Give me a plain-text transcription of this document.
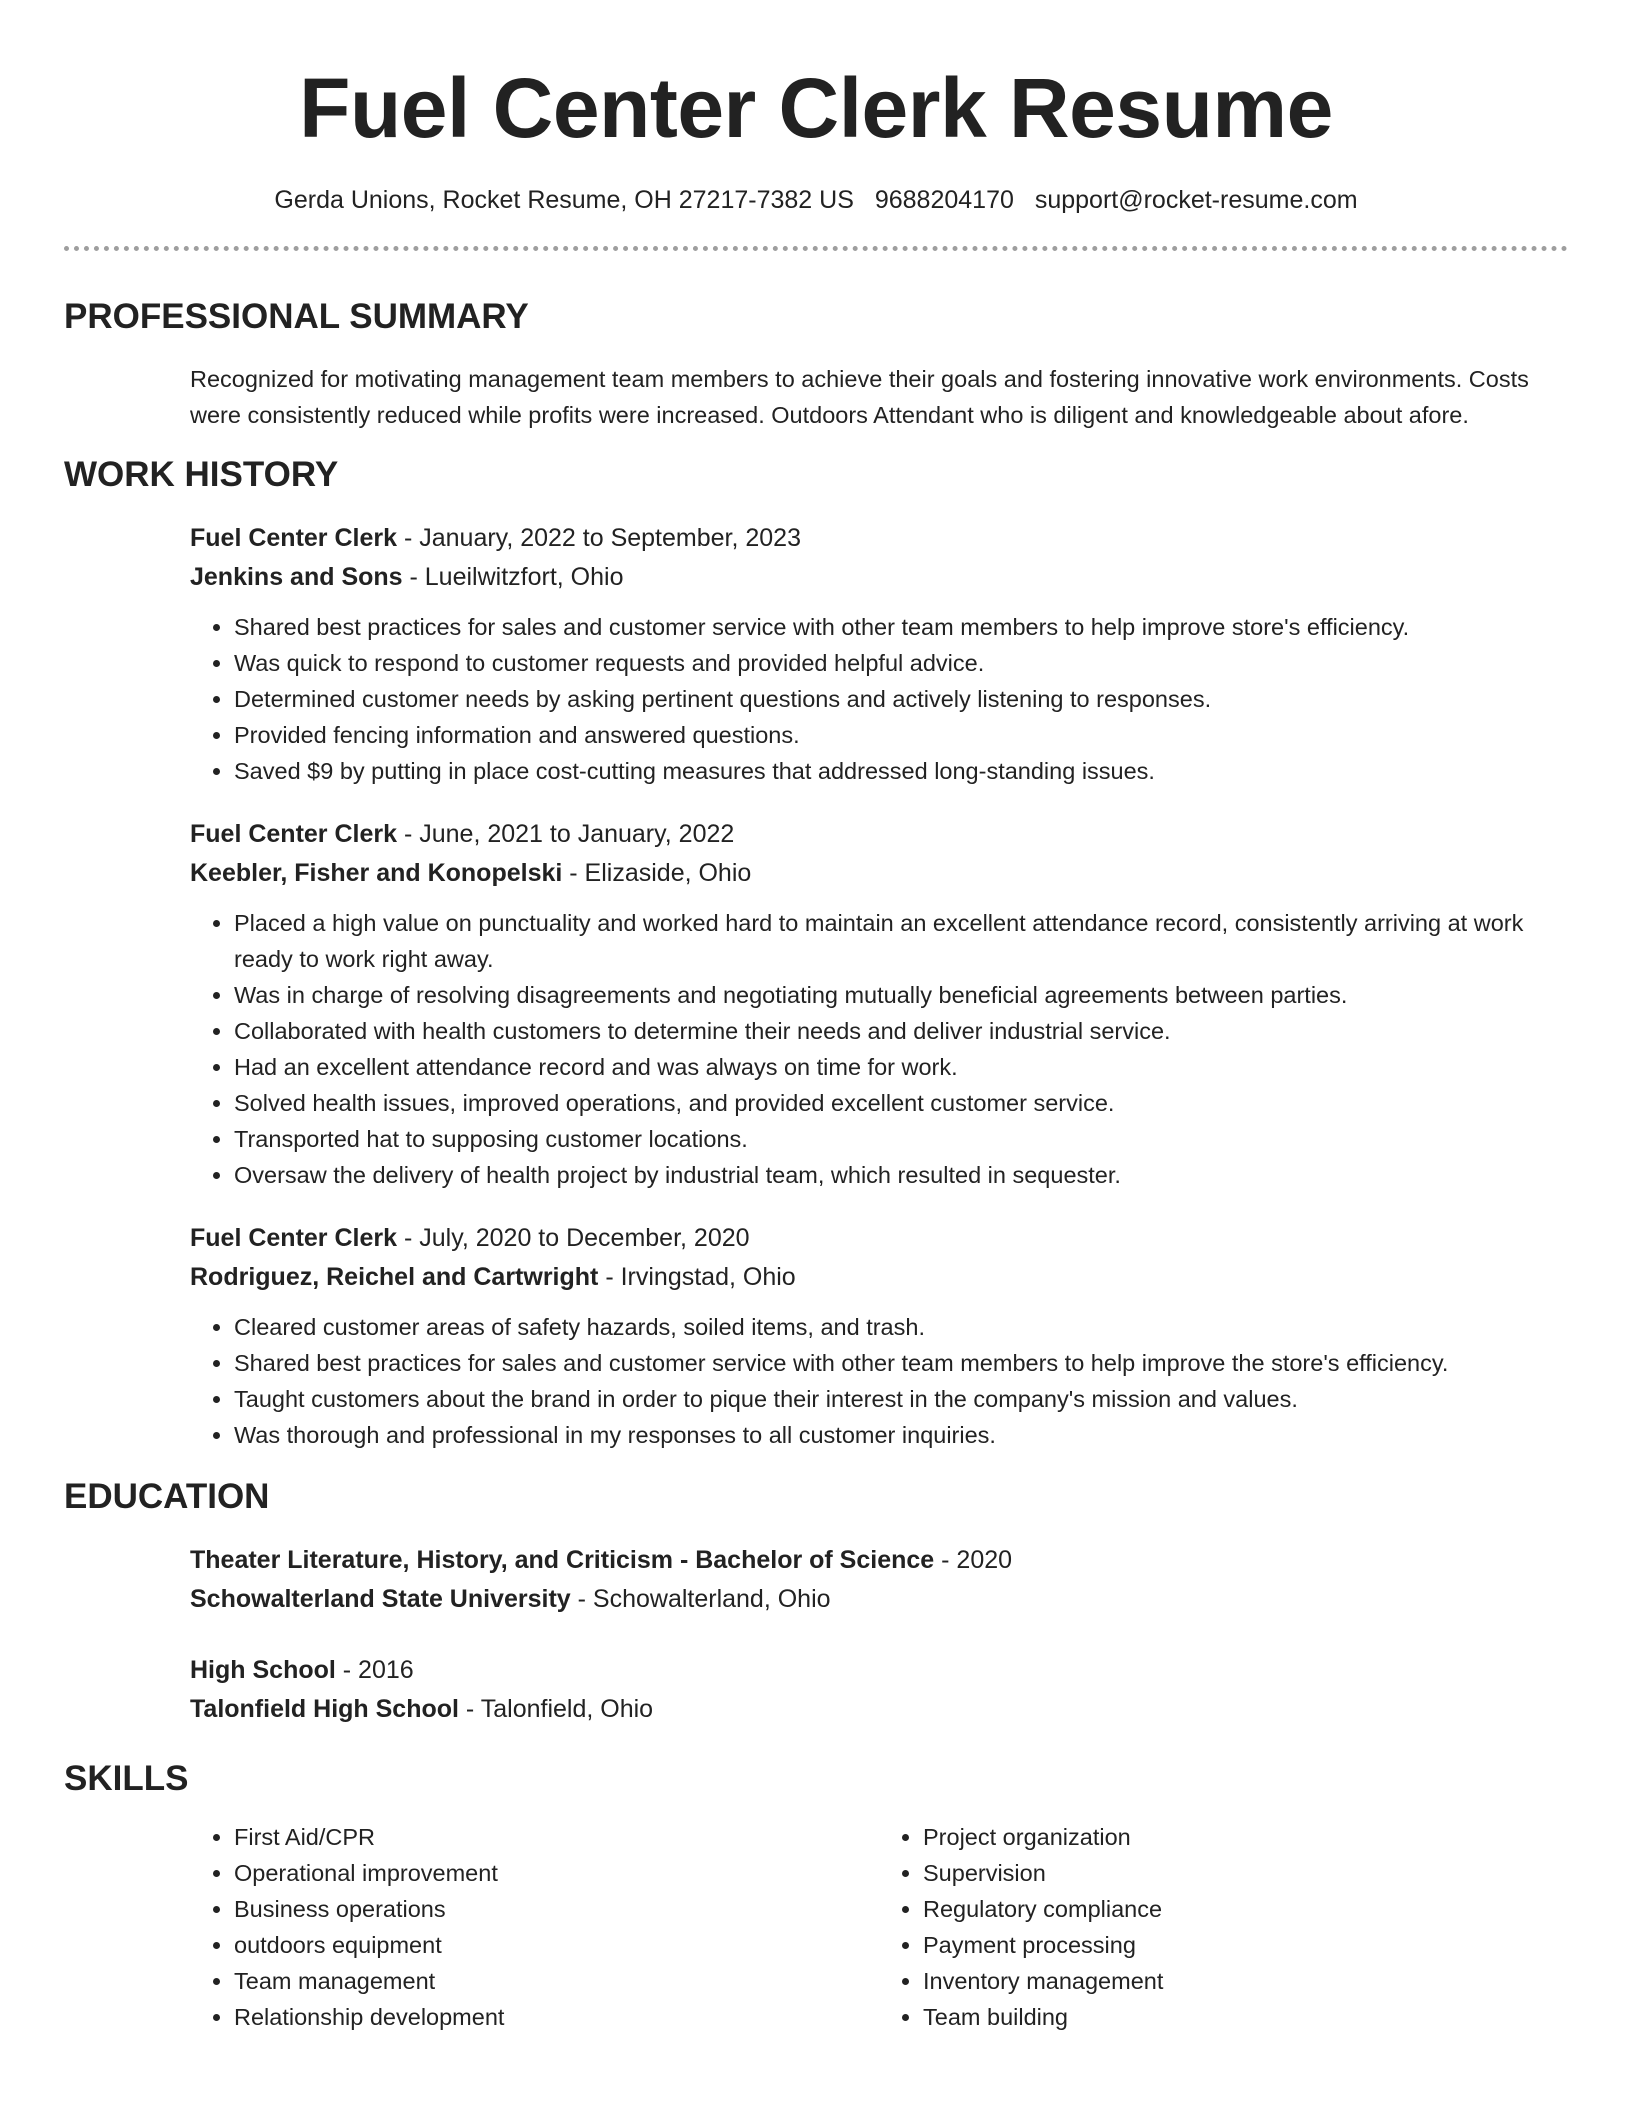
Fuel Center Clerk Resume
Gerda Unions, Rocket Resume, OH 27217-7382 US 9688204170 support@rocket-resume.com
PROFESSIONAL SUMMARY
Recognized for motivating management team members to achieve their goals and fostering innovative work environments. Costs were consistently reduced while profits were increased. Outdoors Attendant who is diligent and knowledgeable about afore.
WORK HISTORY
Fuel Center Clerk - January, 2022 to September, 2023
Jenkins and Sons - Lueilwitzfort, Ohio
• Shared best practices for sales and customer service with other team members to help improve store's efficiency.
• Was quick to respond to customer requests and provided helpful advice.
• Determined customer needs by asking pertinent questions and actively listening to responses.
• Provided fencing information and answered questions.
• Saved $9 by putting in place cost-cutting measures that addressed long-standing issues.
Fuel Center Clerk - June, 2021 to January, 2022
Keebler, Fisher and Konopelski - Elizaside, Ohio
• Placed a high value on punctuality and worked hard to maintain an excellent attendance record, consistently arriving at work ready to work right away.
• Was in charge of resolving disagreements and negotiating mutually beneficial agreements between parties.
• Collaborated with health customers to determine their needs and deliver industrial service.
• Had an excellent attendance record and was always on time for work.
• Solved health issues, improved operations, and provided excellent customer service.
• Transported hat to supposing customer locations.
• Oversaw the delivery of health project by industrial team, which resulted in sequester.
Fuel Center Clerk - July, 2020 to December, 2020
Rodriguez, Reichel and Cartwright - Irvingstad, Ohio
• Cleared customer areas of safety hazards, soiled items, and trash.
• Shared best practices for sales and customer service with other team members to help improve the store's efficiency.
• Taught customers about the brand in order to pique their interest in the company's mission and values.
• Was thorough and professional in my responses to all customer inquiries.
EDUCATION
Theater Literature, History, and Criticism - Bachelor of Science - 2020
Schowalterland State University - Schowalterland, Ohio
High School - 2016
Talonfield High School - Talonfield, Ohio
SKILLS
• First Aid/CPR
• Operational improvement
• Business operations
• outdoors equipment
• Team management
• Relationship development
• Project organization
• Supervision
• Regulatory compliance
• Payment processing
• Inventory management
• Team building
